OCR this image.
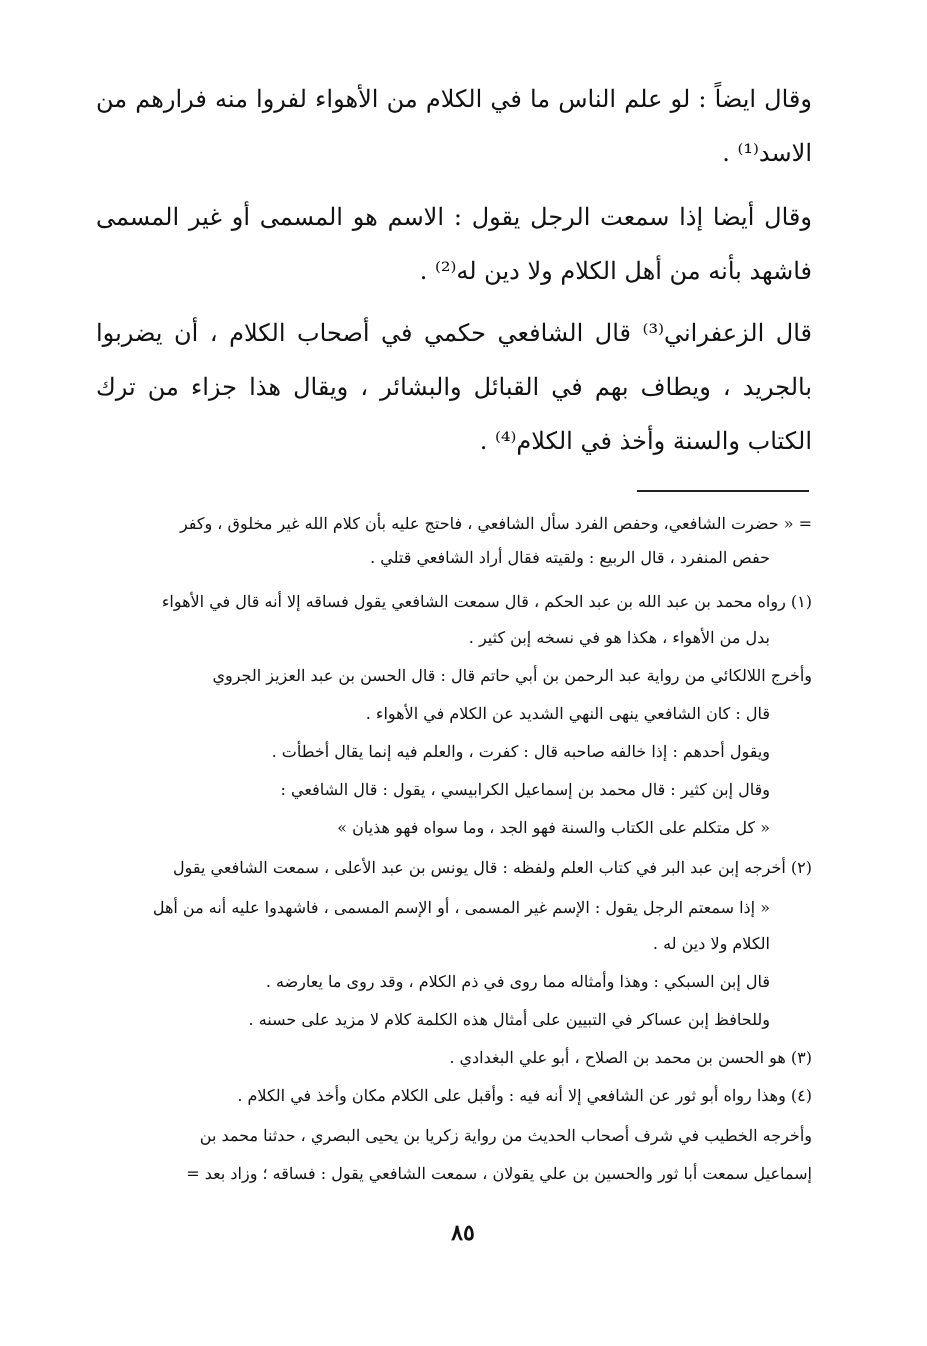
وقال ايضاً : لو علم الناس ما في الكلام من الأهواء لفروا منه فرارهم من الاسد⁽¹⁾ .
وقال أيضا إذا سمعت الرجل يقول : الاسم هو المسمى أو غير المسمى فاشهد بأنه من أهل الكلام ولا دين له⁽²⁾ .
قال الزعفراني⁽³⁾ قال الشافعي حكمي في أصحاب الكلام ، أن يضربوا بالجريد ، ويطاف بهم في القبائل والبشائر ، ويقال هذا جزاء من ترك الكتاب والسنة وأخذ في الكلام⁽⁴⁾ .
= « حضرت الشافعي، وحفص الفرد سأل الشافعي ، فاحتج عليه بأن كلام الله غير مخلوق ، وكفر
حفص المنفرد ، قال الربيع : ولقيته فقال أراد الشافعي قتلي .
(١) رواه محمد بن عبد الله بن عبد الحكم ، قال سمعت الشافعي يقول فساقه إلا أنه قال في الأهواء
بدل من الأهواء ، هكذا هو في نسخه إبن كثير .
وأخرج اللالكائي من رواية عبد الرحمن بن أبي حاتم قال : قال الحسن بن عبد العزيز الجروي
قال : كان الشافعي ينهى النهي الشديد عن الكلام في الأهواء .
ويقول أحدهم : إذا خالفه صاحبه قال : كفرت ، والعلم فيه إنما يقال أخطأت .
وقال إبن كثير : قال محمد بن إسماعيل الكرابيسي ، يقول : قال الشافعي :
« كل متكلم على الكتاب والسنة فهو الجد ، وما سواه فهو هذيان »
(٢) أخرجه إبن عبد البر في كتاب العلم ولفظه : قال يونس بن عبد الأعلى ، سمعت الشافعي يقول
« إذا سمعتم الرجل يقول : الإسم غير المسمى ، أو الإسم المسمى ، فاشهدوا عليه أنه من أهل
الكلام ولا دين له .
قال إبن السبكي : وهذا وأمثاله مما روى في ذم الكلام ، وقد روى ما يعارضه .
وللحافظ إبن عساكر في التبيين على أمثال هذه الكلمة كلام لا مزيد على حسنه .
(٣) هو الحسن بن محمد بن الصلاح ، أبو علي البغدادي .
(٤) وهذا رواه أبو ثور عن الشافعي إلا أنه فيه : وأقبل على الكلام مكان وأخذ في الكلام .
وأخرجه الخطيب في شرف أصحاب الحديث من رواية زكريا بن يحيى البصري ، حدثنا محمد بن
إسماعيل سمعت أبا ثور والحسين بن علي يقولان ، سمعت الشافعي يقول : فساقه ؛ وزاد بعد =
٨٥
